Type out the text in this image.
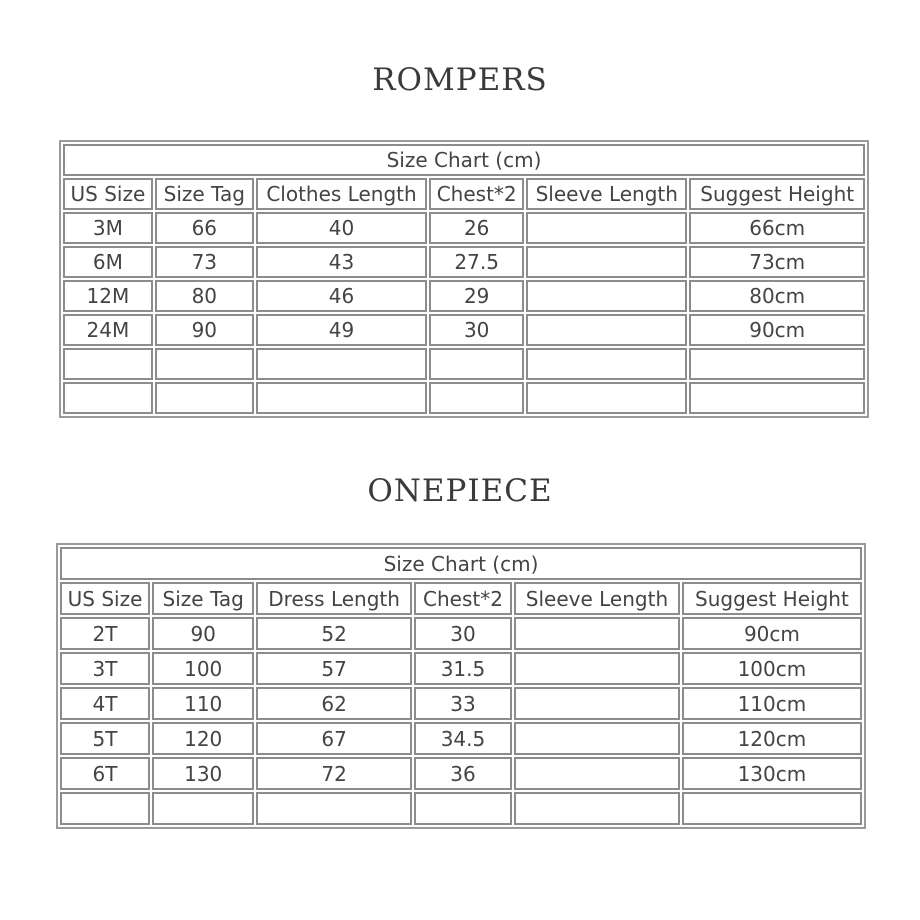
ROMPERS
Size Chart (cm)					
US Size	Size Tag	Clothes Length	Chest*2	Sleeve Length	Suggest Height
3M	66	40	26		66cm
6M	73	43	27.5		73cm
12M	80	46	29		80cm
24M	90	49	30		90cm

ONEPIECE
Size Chart (cm)					
US Size	Size Tag	Dress Length	Chest*2	Sleeve Length	Suggest Height
2T	90	52	30		90cm
3T	100	57	31.5		100cm
4T	110	62	33		110cm
5T	120	67	34.5		120cm
6T	130	72	36		130cm
